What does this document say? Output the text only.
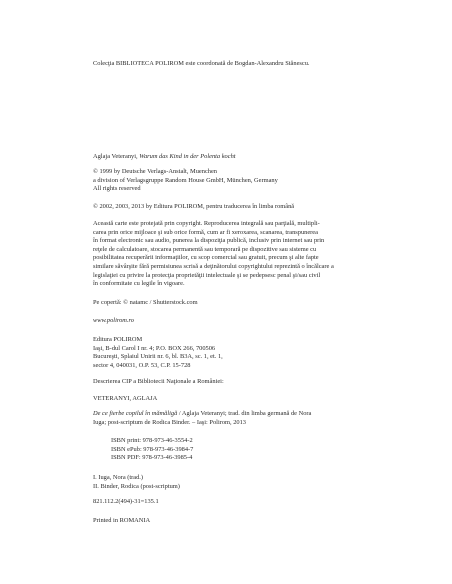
Colecţia BIBLIOTECA POLIROM este coordonată de Bogdan-Alexandru Stănescu.
Aglaja Veteranyi, Warum das Kind in der Polenta kocht
© 1999 by Deutsche Verlags-Anstalt, Muenchen
a division of Verlagsgruppe Random House GmbH, München, Germany
All rights reserved
© 2002, 2003, 2013 by Editura POLIROM, pentru traducerea în limba română
Această carte este protejată prin copyright. Reproducerea integrală sau parţială, multipli-
carea prin orice mijloace şi sub orice formă, cum ar fi xeroxarea, scanarea, transpunerea
în format electronic sau audio, punerea la dispoziţia publică, inclusiv prin internet sau prin
reţele de calculatoare, stocarea permanentă sau temporară pe dispozitive sau sisteme cu
posibilitatea recuperării informaţiilor, cu scop comercial sau gratuit, precum şi alte fapte
similare săvârşite fără permisiunea scrisă a deţinătorului copyrightului reprezintă o încălcare a
legislaţiei cu privire la protecţia proprietăţii intelectuale şi se pedepsesc penal şi/sau civil
în conformitate cu legile în vigoare.
Pe copertă: © natamc / Shutterstock.com
www.polirom.ro
Editura POLIROM
Iaşi, B-dul Carol I nr. 4; P.O. BOX 266, 700506
Bucureşti, Splaiul Unirii nr. 6, bl. B3A, sc. 1, et. 1,
sector 4, 040031, O.P. 53, C.P. 15-728
Descrierea CIP a Bibliotecii Naţionale a României:
VETERANYI, AGLAJA
De ce fierbe copilul în mămăligă / Aglaja Veteranyi; trad. din limba germană de Nora
Iuga; post-scriptum de Rodica Binder. – Iaşi: Polirom, 2013
ISBN print: 978-973-46-3554-2
ISBN ePub: 978-973-46-3984-7
ISBN PDF: 978-973-46-3985-4
I. Iuga, Nora (trad.)
II. Binder, Rodica (post-scriptum)
821.112.2(494)-31=135.1
Printed in ROMANIA
